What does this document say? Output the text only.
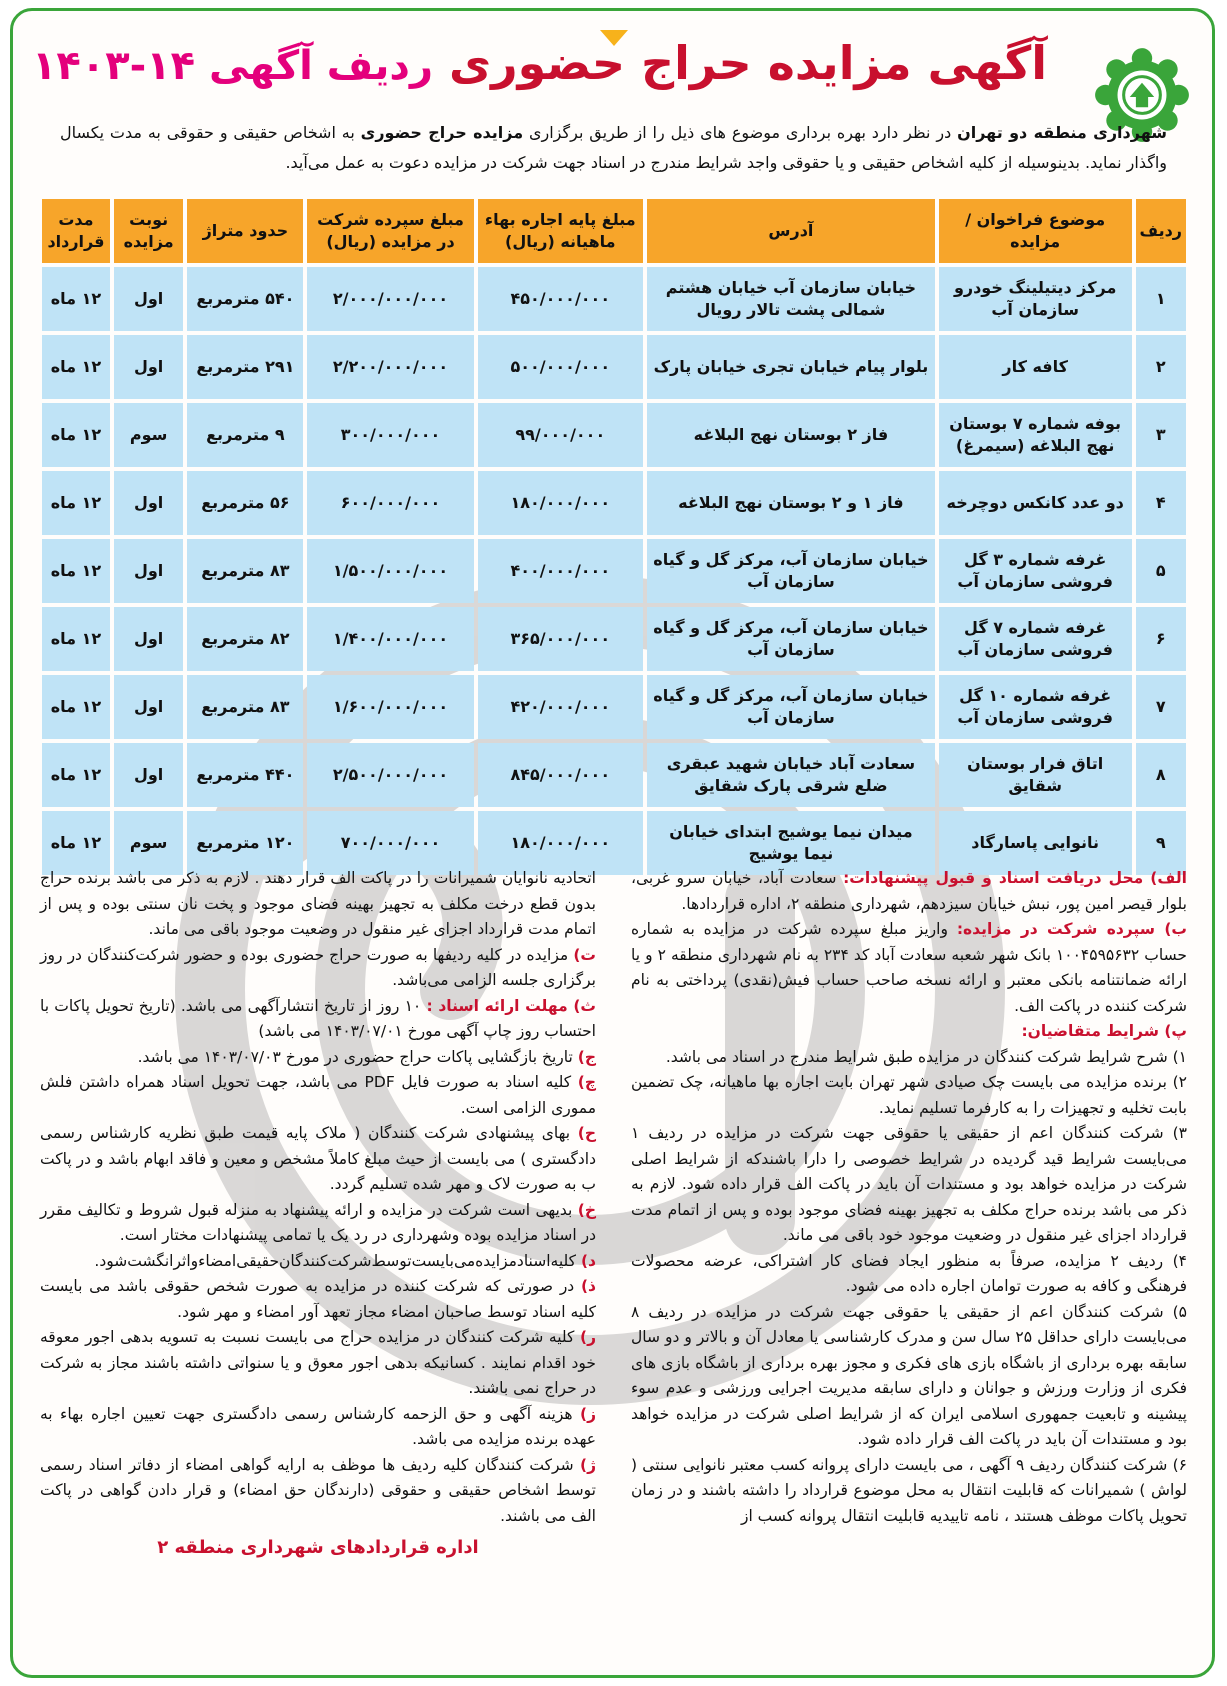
آگهی مزایده حراج حضوری ردیف آگهی ۱۴-۱۴۰۳
شهرداری منطقه دو تهران در نظر دارد بهره برداری موضوع های ذیل را از طریق برگزاری مزایده حراج حضوری به اشخاص حقیقی و حقوقی به مدت یکسال واگذار نماید. بدینوسیله از کلیه اشخاص حقیقی و یا حقوقی واجد شرایط مندرج در اسناد جهت شرکت در مزایده دعوت به عمل می‌آید.
ردیف	موضوع فراخوان / مزایده	آدرس	مبلغ پایه اجاره بهاء ماهیانه (ریال)	مبلغ سپرده شرکت در مزایده (ریال)	حدود متراژ	نوبت مزایده	مدت قرارداد
۱	مرکز دیتیلینگ خودرو سازمان آب	خیابان سازمان آب خیابان هشتم شمالی پشت تالار رویال	۴۵۰/۰۰۰/۰۰۰	۲/۰۰۰/۰۰۰/۰۰۰	۵۴۰ مترمربع	اول	۱۲ ماه
۲	کافه کار	بلوار پیام خیابان تجری خیابان پارک	۵۰۰/۰۰۰/۰۰۰	۲/۲۰۰/۰۰۰/۰۰۰	۲۹۱ مترمربع	اول	۱۲ ماه
۳	بوفه شماره ۷ بوستان نهج البلاغه (سیمرغ)	فاز ۲ بوستان نهج البلاغه	۹۹/۰۰۰/۰۰۰	۳۰۰/۰۰۰/۰۰۰	۹ مترمربع	سوم	۱۲ ماه
۴	دو عدد کانکس دوچرخه	فاز ۱ و ۲ بوستان نهج البلاغه	۱۸۰/۰۰۰/۰۰۰	۶۰۰/۰۰۰/۰۰۰	۵۶ مترمربع	اول	۱۲ ماه
۵	غرفه شماره ۳ گل فروشی سازمان آب	خیابان سازمان آب، مرکز گل و گیاه سازمان آب	۴۰۰/۰۰۰/۰۰۰	۱/۵۰۰/۰۰۰/۰۰۰	۸۳ مترمربع	اول	۱۲ ماه
۶	غرفه شماره ۷ گل فروشی سازمان آب	خیابان سازمان آب، مرکز گل و گیاه سازمان آب	۳۶۵/۰۰۰/۰۰۰	۱/۴۰۰/۰۰۰/۰۰۰	۸۲ مترمربع	اول	۱۲ ماه
۷	غرفه شماره ۱۰ گل فروشی سازمان آب	خیابان سازمان آب، مرکز گل و گیاه سازمان آب	۴۲۰/۰۰۰/۰۰۰	۱/۶۰۰/۰۰۰/۰۰۰	۸۳ مترمربع	اول	۱۲ ماه
۸	اتاق فرار بوستان شقایق	سعادت آباد خیابان شهید عبقری ضلع شرقی پارک شقایق	۸۴۵/۰۰۰/۰۰۰	۲/۵۰۰/۰۰۰/۰۰۰	۴۴۰ مترمربع	اول	۱۲ ماه
۹	نانوایی پاسارگاد	میدان نیما یوشیج ابتدای خیابان نیما یوشیج	۱۸۰/۰۰۰/۰۰۰	۷۰۰/۰۰۰/۰۰۰	۱۲۰ مترمربع	سوم	۱۲ ماه

الف) محل دریافت اسناد و قبول پیشنهادات: سعادت آباد، خیابان سرو غربی، بلوار قیصر امین پور، نبش خیابان سیزدهم، شهرداری منطقه ۲، اداره قراردادها.

ب) سپرده شرکت در مزایده: واریز مبلغ سپرده شرکت در مزایده به شماره حساب ۱۰۰۴۵۹۵۶۳۲ بانک شهر شعبه سعادت آباد کد ۲۳۴ به نام شهرداری منطقه ۲ و یا ارائه ضمانتنامه بانکی معتبر و ارائه نسخه صاحب حساب فیش(نقدی) پرداختی به نام شرکت کننده در پاکت الف.

پ) شرایط متقاضیان:

۱) شرح شرایط شرکت کنندگان در مزایده طبق شرایط مندرج در اسناد می باشد.

۲) برنده مزایده می بایست چک صیادی شهر تهران بابت اجاره بها ماهیانه، چک تضمین بابت تخلیه و تجهیزات را به کارفرما تسلیم نماید.

۳) شرکت کنندگان اعم از حقیقی یا حقوقی جهت شرکت در مزایده در ردیف ۱ می‌بایست شرایط قید گردیده در شرایط خصوصی را دارا باشندکه از شرایط اصلی شرکت در مزایده خواهد بود و مستندات آن باید در پاکت الف قرار داده شود. لازم به ذکر می باشد برنده حراج مکلف به تجهیز بهینه فضای موجود بوده و پس از اتمام مدت قرارداد اجزای غیر منقول در وضعیت موجود خود باقی می ماند.

۴) ردیف ۲ مزایده، صرفاً به منظور ایجاد فضای کار اشتراکی، عرضه محصولات فرهنگی و کافه به صورت توامان اجاره داده می شود.

۵) شرکت کنندگان اعم از حقیقی یا حقوقی جهت شرکت در مزایده در ردیف ۸ می‌بایست دارای حداقل ۲۵ سال سن و مدرک کارشناسی یا معادل آن و بالاتر و دو سال سابقه بهره برداری از باشگاه بازی های فکری و مجوز بهره برداری از باشگاه بازی های فکری از وزارت ورزش و جوانان و دارای سابقه مدیریت اجرایی ورزشی و عدم سوء پیشینه و تابعیت جمهوری اسلامی ایران که از شرایط اصلی شرکت در مزایده خواهد بود و مستندات آن باید در پاکت الف قرار داده شود.

۶) شرکت کنندگان ردیف ۹ آگهی ، می بایست دارای پروانه کسب معتبر نانوایی سنتی ( لواش ) شمیرانات که قابلیت انتقال به محل موضوع قرارداد را داشته باشند و در زمان تحویل پاکات موظف هستند ، نامه تاییدیه قابلیت انتقال پروانه کسب از

اتحادیه نانوایان شمیرانات را در پاکت الف قرار دهند . لازم به ذکر می باشد برنده حراج بدون قطع درخت مکلف به تجهیز بهینه فضای موجود و پخت نان سنتی بوده و پس از اتمام مدت قرارداد اجزای غیر منقول در وضعیت موجود باقی می ماند.

ت) مزایده در کلیه ردیفها به صورت حراج حضوری بوده و حضور شرکت‌کنندگان در روز برگزاری جلسه الزامی می‌باشد.

ث) مهلت ارائه اسناد : ۱۰ روز از تاریخ انتشارآگهی می باشد. (تاریخ تحویل پاکات با احتساب روز چاپ آگهی مورخ ۱۴۰۳/۰۷/۰۱ می باشد)

ج) تاریخ بازگشایی پاکات حراج حضوری در مورخ ۱۴۰۳/۰۷/۰۳ می باشد.

چ) کلیه اسناد به صورت فایل PDF می باشد، جهت تحویل اسناد همراه داشتن فلش مموری الزامی است.

ح) بهای پیشنهادی شرکت کنندگان ( ملاک پایه قیمت طبق نظریه کارشناس رسمی دادگستری ) می بایست از حیث مبلغ کاملاً مشخص و معین و فاقد ابهام باشد و در پاکت ب به صورت لاک و مهر شده تسلیم گردد.

خ) بدیهی است شرکت در مزایده و ارائه پیشنهاد به منزله قبول شروط و تکالیف مقرر در اسناد مزایده بوده وشهرداری در رد یک یا تمامی پیشنهادات مختار است.

د) کلیه‌اسنادمزایده‌می‌بایست‌توسط‌شرکت‌کنندگان‌حقیقی‌امضاء‌واثرانگشت‌شود.

ذ) در صورتی که شرکت کننده در مزایده به صورت شخص حقوقی باشد می بایست کلیه اسناد توسط صاحبان امضاء مجاز تعهد آور امضاء و مهر شود.

ر) کلیه شرکت کنندگان در مزایده حراج می بایست نسبت به تسویه بدهی اجور معوقه خود اقدام نمایند . کسانیکه بدهی اجور معوق و یا سنواتی داشته باشند مجاز به شرکت در حراج نمی باشند.

ز) هزینه آگهی و حق الزحمه کارشناس رسمی دادگستری جهت تعیین اجاره بهاء به عهده برنده مزایده می باشد.

ژ) شرکت کنندگان کلیه ردیف ها موظف به ارایه گواهی امضاء از دفاتر اسناد رسمی توسط اشخاص حقیقی و حقوقی (دارندگان حق امضاء) و قرار دادن گواهی در پاکت الف می باشند.

اداره قراردادهای شهرداری منطقه ۲
